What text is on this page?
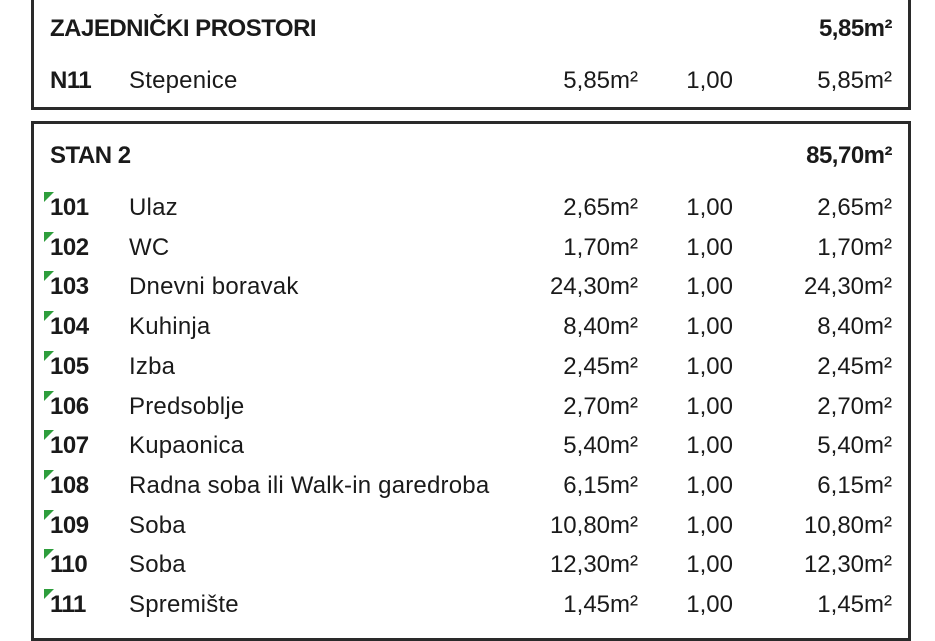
ZAJEDNIČKI PROSTORI	5,85m²
N11 Stepenice	5,85m² 1,00	5,85m²
STAN 2	85,70m²
101 Ulaz	2,65m² 1,00	2,65m²
102 WC	1,70m² 1,00	1,70m²
103 Dnevni boravak	24,30m² 1,00	24,30m²
104 Kuhinja	8,40m² 1,00	8,40m²
105 Izba	2,45m² 1,00	2,45m²
106 Predsoblje	2,70m² 1,00	2,70m²
107 Kupaonica	5,40m² 1,00	5,40m²
108 Radna soba ili Walk-in garedroba	6,15m² 1,00	6,15m²
109 Soba	10,80m² 1,00	10,80m²
110 Soba	12,30m² 1,00	12,30m²
111 Spremište	1,45m² 1,00	1,45m²
